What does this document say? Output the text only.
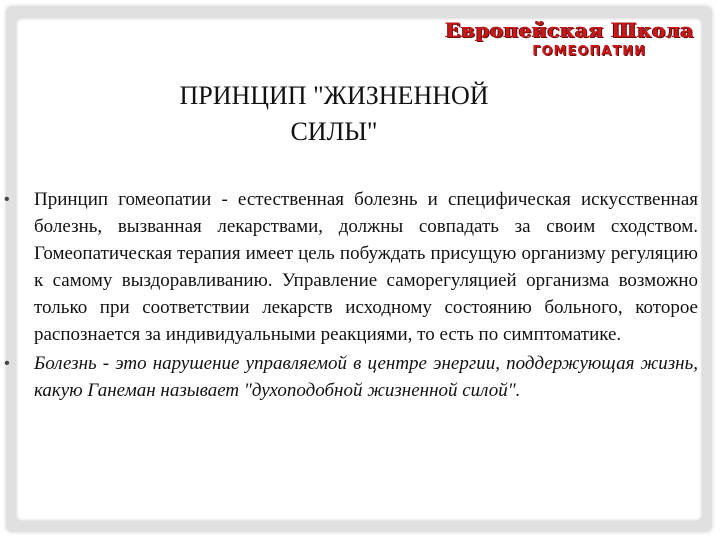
Европейская Школа
ГОМЕОПАТИИ
ПРИНЦИП "ЖИЗНЕННОЙ
СИЛЫ"
• Принцип гомеопатии - естественная болезнь и специфическая искусственная болезнь, вызванная лекарствами, должны совпадать за своим сходством. Гомеопатическая терапия имеет цель побуждать присущую организму регуляцию к самому выздоравливанию. Управление саморегуляцией организма возможно только при соответствии лекарств исходному состоянию больного, которое распознается за индивидуальными реакциями, то есть по симптоматике.
• Болезнь - это нарушение управляемой в центре энергии, поддержующая жизнь, какую Ганеман называет "духоподобной жизненной силой".
